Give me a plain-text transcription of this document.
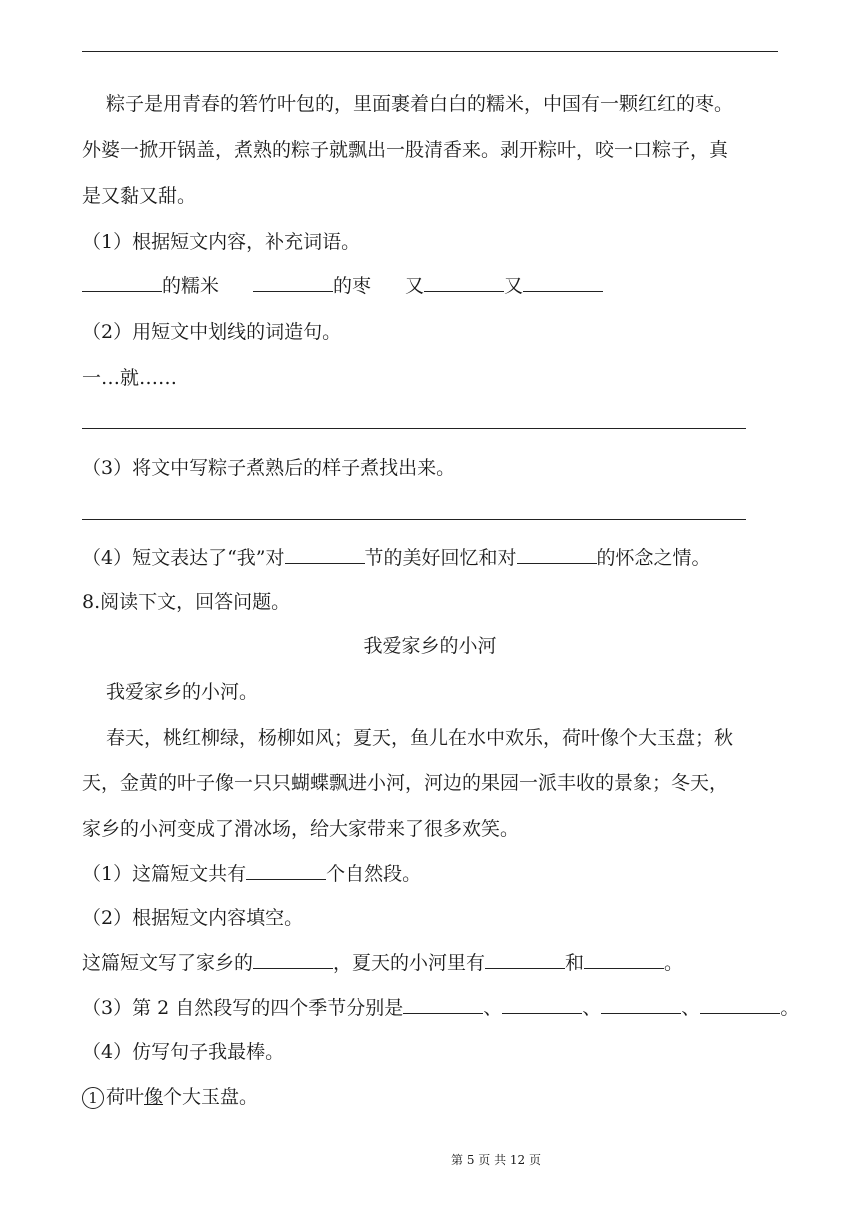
粽子是用青春的箬竹叶包的，里面裹着白白的糯米，中国有一颗红红的枣。
外婆一掀开锅盖，煮熟的粽子就飘出一股清香来。剥开粽叶，咬一口粽子，真
是又黏又甜。
（1）根据短文内容，补充词语。
的糯米	的枣 又	又
（2）用短文中划线的词造句。
一…就……
（3）将文中写粽子煮熟后的样子煮找出来。
（4）短文表达了“我”对	节的美好回忆和对	的怀念之情。
8.阅读下文，回答问题。
我爱家乡的小河
我爱家乡的小河。
春天，桃红柳绿，杨柳如风；夏天，鱼儿在水中欢乐，荷叶像个大玉盘；秋
天，金黄的叶子像一只只蝴蝶飘进小河，河边的果园一派丰收的景象；冬天，
家乡的小河变成了滑冰场，给大家带来了很多欢笑。
（1）这篇短文共有	个自然段。
（2）根据短文内容填空。
这篇短文写了家乡的	，夏天的小河里有	和	。
（3）第 2 自然段写的四个季节分别是	、	、	、	。
（4）仿写句子我最棒。
1 荷叶像个大玉盘。
第 5 页 共 12 页
